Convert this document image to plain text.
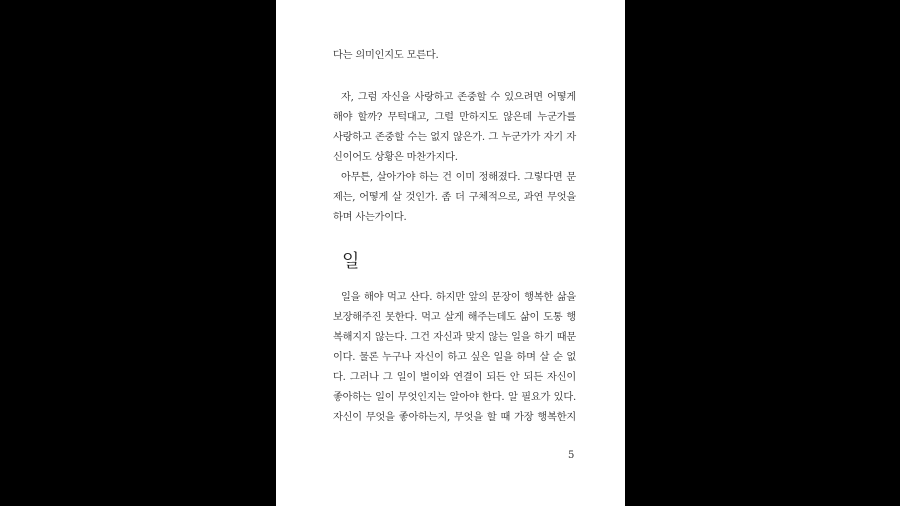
다는 의미인지도 모른다.

자, 그럼 자신을 사랑하고 존중할 수 있으려면 어떻게
해야 할까? 무턱대고, 그럴 만하지도 않은데 누군가를
사랑하고 존중할 수는 없지 않은가. 그 누군가가 자기 자
신이어도 상황은 마찬가지다.

아무튼, 살아가야 하는 건 이미 정해졌다. 그렇다면 문
제는, 어떻게 살 것인가. 좀 더 구체적으로, 과연 무엇을
하며 사는가이다.

일

일을 해야 먹고 산다. 하지만 앞의 문장이 행복한 삶을
보장해주진 못한다. 먹고 살게 해주는데도 삶이 도통 행
복해지지 않는다. 그건 자신과 맞지 않는 일을 하기 때문
이다. 물론 누구나 자신이 하고 싶은 일을 하며 살 순 없
다. 그러나 그 일이 벌이와 연결이 되든 안 되든 자신이
좋아하는 일이 무엇인지는 알아야 한다. 알 필요가 있다.
자신이 무엇을 좋아하는지, 무엇을 할 때 가장 행복한지

5
